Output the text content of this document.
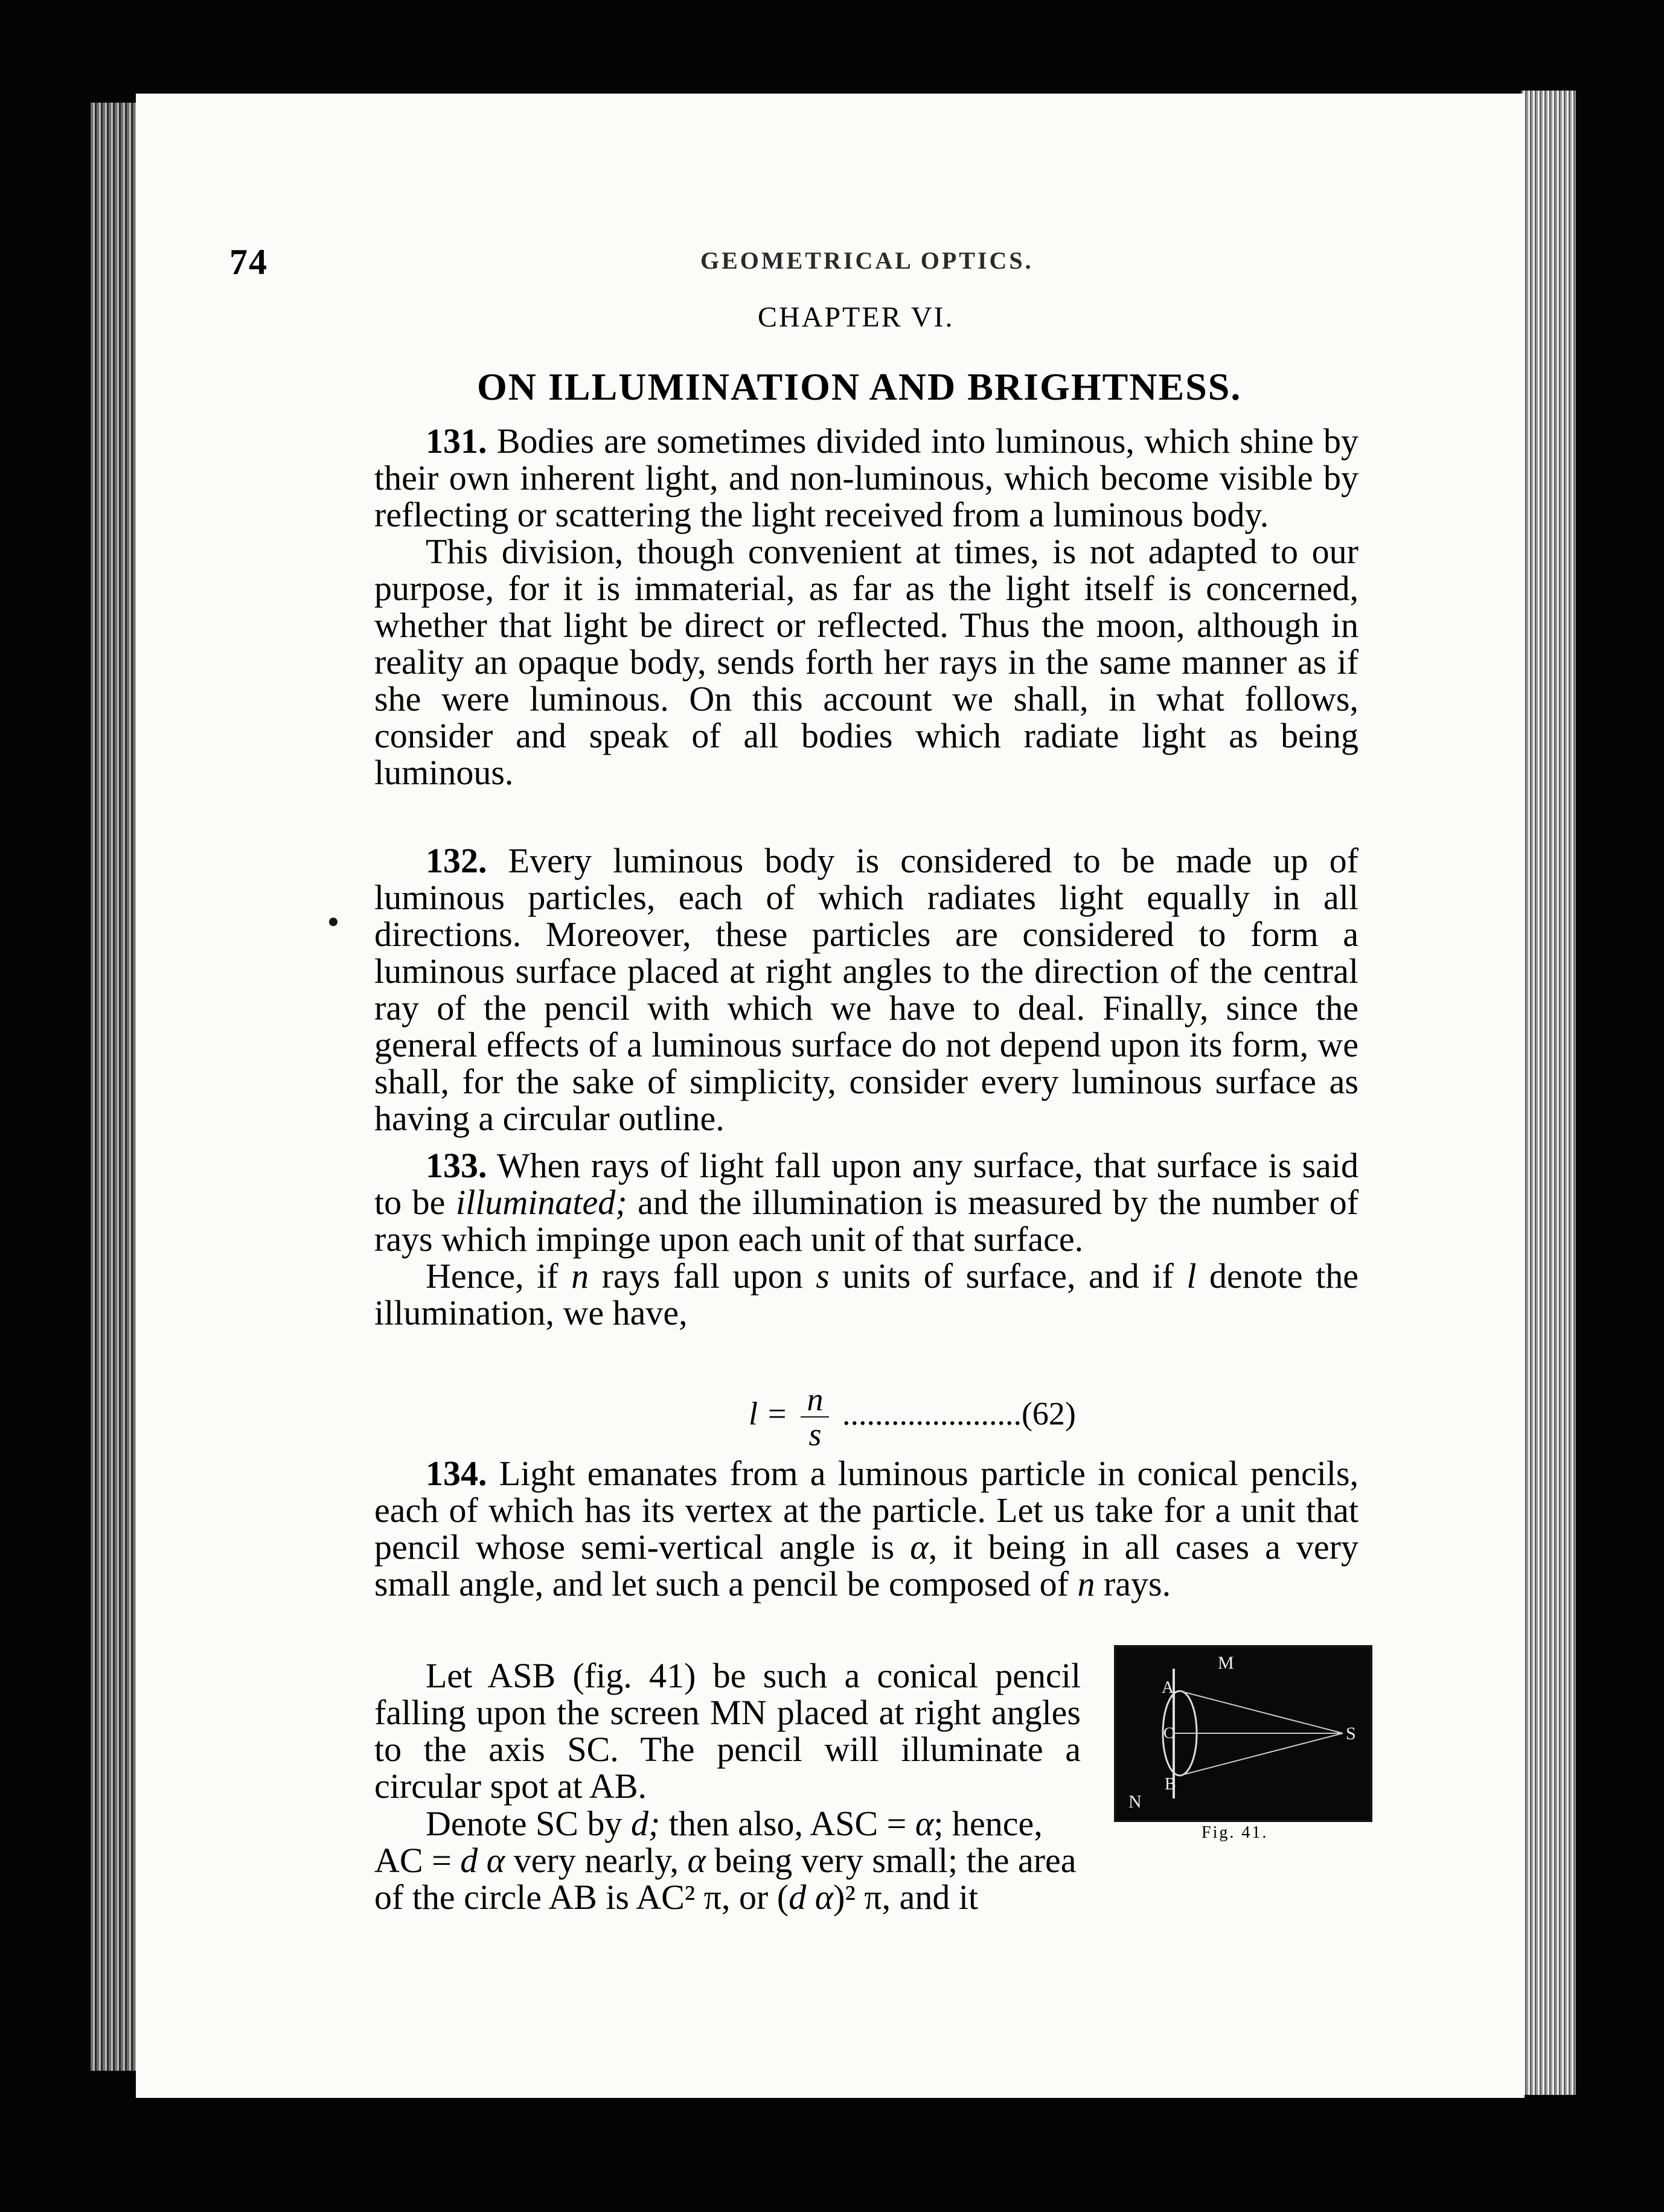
74	GEOMETRICAL OPTICS.
CHAPTER VI.
ON ILLUMINATION AND BRIGHTNESS.

131. Bodies are sometimes divided into luminous, which shine by their own inherent light, and non-luminous, which become visible by reflecting or scattering the light received from a luminous body.

This division, though convenient at times, is not adapted to our purpose, for it is immaterial, as far as the light itself is concerned, whether that light be direct or reflected. Thus the moon, although in reality an opaque body, sends forth her rays in the same manner as if she were luminous. On this account we shall, in what follows, consider and speak of all bodies which radiate light as being luminous.

132. Every luminous body is considered to be made up of luminous particles, each of which radiates light equally in all directions. Moreover, these particles are considered to form a luminous surface placed at right angles to the direction of the central ray of the pencil with which we have to deal. Finally, since the general effects of a luminous surface do not depend upon its form, we shall, for the sake of simplicity, consider every luminous surface as having a circular outline.

133. When rays of light fall upon any surface, that surface is said to be illuminated; and the illumination is measured by the number of rays which impinge upon each unit of that surface.

Hence, if n rays fall upon s units of surface, and if l denote the illumination, we have,

$l = \frac{n}{s} ......................(62)$

134. Light emanates from a luminous particle in conical pencils, each of which has its vertex at the particle. Let us take for a unit that pencil whose semi-vertical angle is α, it being in all cases a very small angle, and let such a pencil be composed of n rays.

Let ASB (fig. 41) be such a conical pencil falling upon the screen MN placed at right angles to the axis SC. The pencil will illuminate a circular spot at AB.

Denote SC by d; then also, ASC = α; hence, AC = d α very nearly, α being very small; the area of the circle AB is AC² π, or (d α)² π, and it

M
N
A
B
C	S
Fig. 41.
